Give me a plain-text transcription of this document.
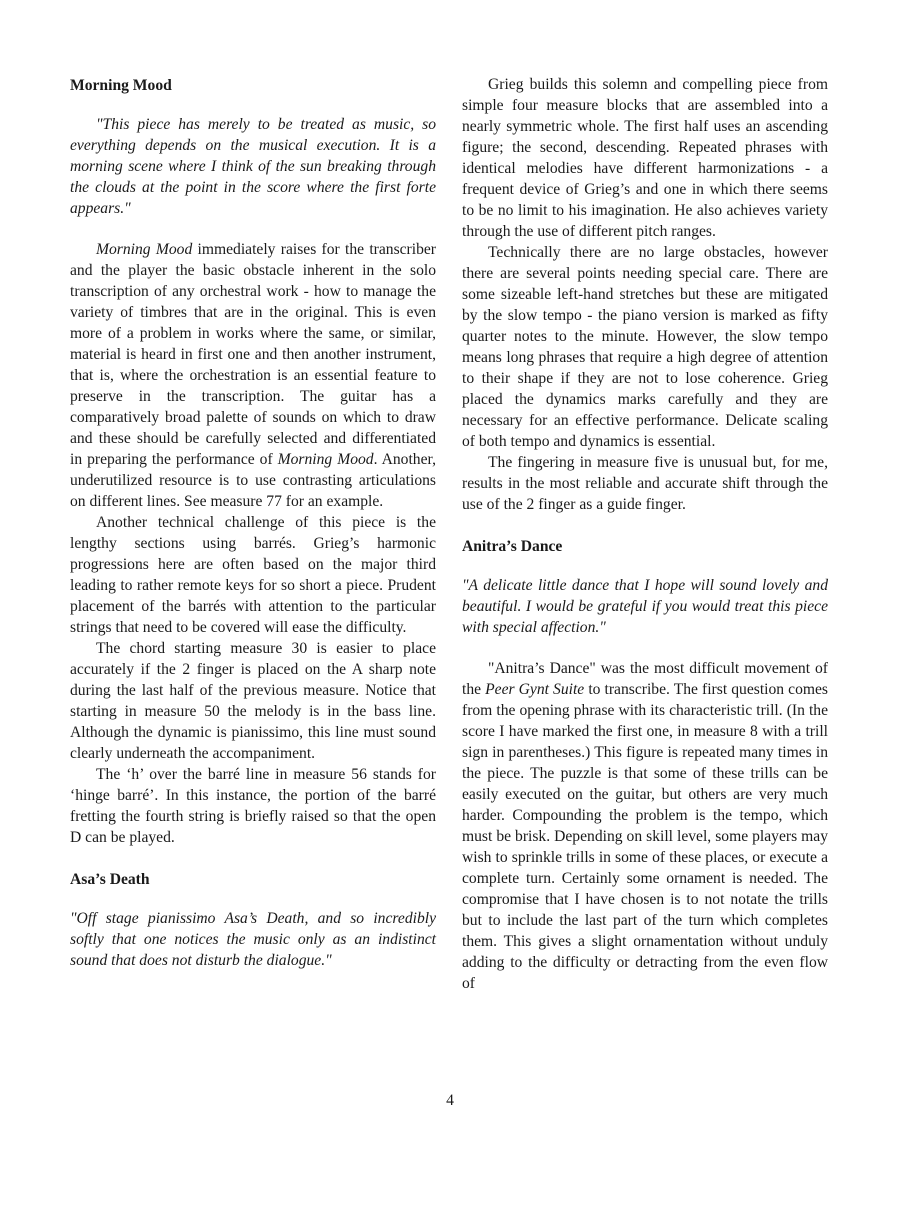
Morning Mood

"This piece has merely to be treated as music, so everything depends on the musical execution. It is a morning scene where I think of the sun breaking through the clouds at the point in the score where the first forte appears."

Morning Mood immediately raises for the transcriber and the player the basic obstacle inherent in the solo transcription of any orchestral work - how to manage the variety of timbres that are in the original. This is even more of a problem in works where the same, or similar, material is heard in first one and then another instrument, that is, where the orchestration is an essential feature to preserve in the transcription. The guitar has a comparatively broad palette of sounds on which to draw and these should be carefully selected and differentiated in preparing the performance of Morning Mood. Another, underutilized resource is to use contrasting articulations on different lines. See measure 77 for an example.

Another technical challenge of this piece is the lengthy sections using barrés. Grieg’s harmonic progressions here are often based on the major third leading to rather remote keys for so short a piece. Prudent placement of the barrés with attention to the particular strings that need to be covered will ease the difficulty.

The chord starting measure 30 is easier to place accurately if the 2 finger is placed on the A sharp note during the last half of the previous measure. Notice that starting in measure 50 the melody is in the bass line. Although the dynamic is pianissimo, this line must sound clearly underneath the accompaniment.

The ‘h’ over the barré line in measure 56 stands for ‘hinge barré’. In this instance, the portion of the barré fretting the fourth string is briefly raised so that the open D can be played.

Asa’s Death

"Off stage pianissimo Asa’s Death, and so incredibly softly that one notices the music only as an indistinct sound that does not disturb the dialogue."

Grieg builds this solemn and compelling piece from simple four measure blocks that are assembled into a nearly symmetric whole. The first half uses an ascending figure; the second, descending. Repeated phrases with identical melodies have different harmonizations - a frequent device of Grieg’s and one in which there seems to be no limit to his imagination. He also achieves variety through the use of different pitch ranges.

Technically there are no large obstacles, however there are several points needing special care. There are some sizeable left-hand stretches but these are mitigated by the slow tempo - the piano version is marked as fifty quarter notes to the minute. However, the slow tempo means long phrases that require a high degree of attention to their shape if they are not to lose coherence. Grieg placed the dynamics marks carefully and they are necessary for an effective performance. Delicate scaling of both tempo and dynamics is essential.

The fingering in measure five is unusual but, for me, results in the most reliable and accurate shift through the use of the 2 finger as a guide finger.

Anitra’s Dance

"A delicate little dance that I hope will sound lovely and beautiful. I would be grateful if you would treat this piece with special affection."

"Anitra’s Dance" was the most difficult movement of the Peer Gynt Suite to transcribe. The first question comes from the opening phrase with its characteristic trill. (In the score I have marked the first one, in measure 8 with a trill sign in parentheses.) This figure is repeated many times in the piece. The puzzle is that some of these trills can be easily executed on the guitar, but others are very much harder. Compounding the problem is the tempo, which must be brisk. Depending on skill level, some players may wish to sprinkle trills in some of these places, or execute a complete turn. Certainly some ornament is needed. The compromise that I have chosen is to not notate the trills but to include the last part of the turn which completes them. This gives a slight ornamentation without unduly adding to the difficulty or detracting from the even flow of

4
